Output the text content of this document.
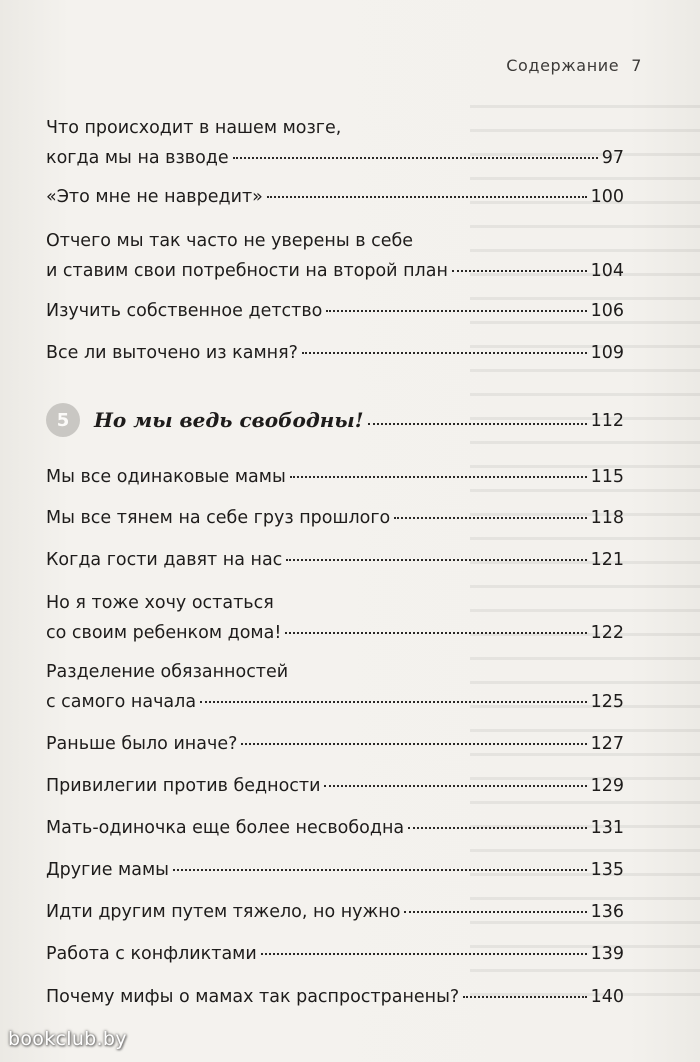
Содержание 7
Что происходит в нашем мозге,
когда мы на взводе	97
«Это мне не навредит»	100
Отчего мы так часто не уверены в себе
и ставим свои потребности на второй план	104
Изучить собственное детство	106
Все ли выточено из камня?	109
5	Но мы ведь свободны!	112
Мы все одинаковые мамы	115
Мы все тянем на себе груз прошлого	118
Когда гости давят на нас	121
Но я тоже хочу остаться
со своим ребенком дома!	122
Разделение обязанностей
с самого начала	125
Раньше было иначе?	127
Привилегии против бедности	129
Мать-одиночка еще более несвободна	131
Другие мамы	135
Идти другим путем тяжело, но нужно	136
Работа с конфликтами	139
Почему мифы о мамах так распространены?	140
bookclub.by
